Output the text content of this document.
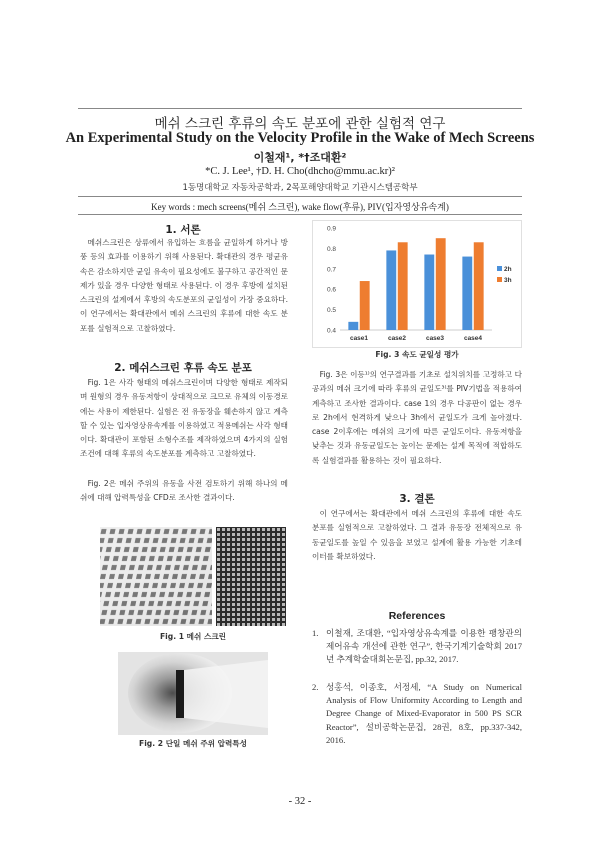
메쉬 스크린 후류의 속도 분포에 관한 실험적 연구
An Experimental Study on the Velocity Profile in the Wake of Mech Screens
이철재¹, *†조대환²
*C. J. Lee¹, †D. H. Cho(dhcho@mmu.ac.kr)²
1동명대학교 자동차공학과, 2목포해양대학교 기관시스템공학부
Key words : mech screens(메쉬 스크린), wake flow(후류), PIV(입자영상유속계)
1. 서론

메쉬스크린은 상류에서 유입하는 흐름을 균일하게 하거나 방풍 등의 효과를 이용하기 위해 사용된다. 확대관의 경우 평균유속은 감소하지만 균일 유속이 필요성에도 불구하고 공간적인 문제가 있을 경우 다양한 형태로 사용된다. 이 경우 후방에 설치된 스크린의 설계에서 후방의 속도분포의 균일성이 가장 중요하다. 이 연구에서는 확대관에서 메쉬 스크린의 후류에 대한 속도 분포를 실험적으로 고찰하였다.

2. 메쉬스크린 후류 속도 분포

Fig. 1은 사각 형태의 메쉬스크린이며 다양한 형태로 제작되며 원형의 경우 유동저항이 상대적으로 크므로 유체의 이동경로에는 사용이 제한된다. 실험은 전 유동장을 훼손하지 않고 계측할 수 있는 입자영상유속계를 이용하였고 적용메쉬는 사각 형태이다. 확대관이 포함된 소형수조를 제작하였으며 4가지의 실험조건에 대해 후류의 속도분포를 계측하고 고찰하였다.

Fig. 2은 메쉬 주위의 유동을 사전 검토하기 위해 하나의 메쉬에 대해 압력특성을 CFD로 조사한 결과이다.

Fig. 1 메쉬 스크린
Fig. 2 단일 메쉬 주위 압력특성
0.4
0.5
0.6
0.7
0.8
0.9
case1	case2	case3	case4
2h
3h
Fig. 3 속도 균일성 평가

Fig. 3은 이등¹⁾의 연구결과를 기초로 설치위치를 고정하고 다공과의 메쉬 크기에 따라 후류의 균일도³⁾를 PIV기법을 적용하여 계측하고 조사한 결과이다. case 1의 경우 다공판이 없는 경우로 2h에서 현격하게 낮으나 3h에서 균일도가 크게 높아졌다. case 2이후에는 메쉬의 크기에 따른 균일도이다. 유동저항을 낮추는 것과 유동균일도는 높이는 문제는 설계 목적에 적합하도록 실험결과를 활용하는 것이 필요하다.

3. 결론

이 연구에서는 확대관에서 메쉬 스크린의 후류에 대한 속도 분포를 실험적으로 고찰하였다. 그 결과 유동장 전체적으로 유동균일도를 높일 수 있음을 보였고 설계에 활용 가능한 기초데이터를 확보하였다.

References
1. 이철재, 조대환, “입자영상유속계를 이용한 팽창관의 제어유속 개선에 관한 연구”, 한국기계기술학회 2017년 추계학술대회논문집, pp.32, 2017.
2. 성홍석, 이종호, 서정세, “A Study on Numerical Analysis of Flow Uniformity According to Length and Degree Change of Mixed-Evaporator in 500 PS SCR Reactor”, 설비공학논문집, 28권, 8호, pp.337-342, 2016.
- 32 -
